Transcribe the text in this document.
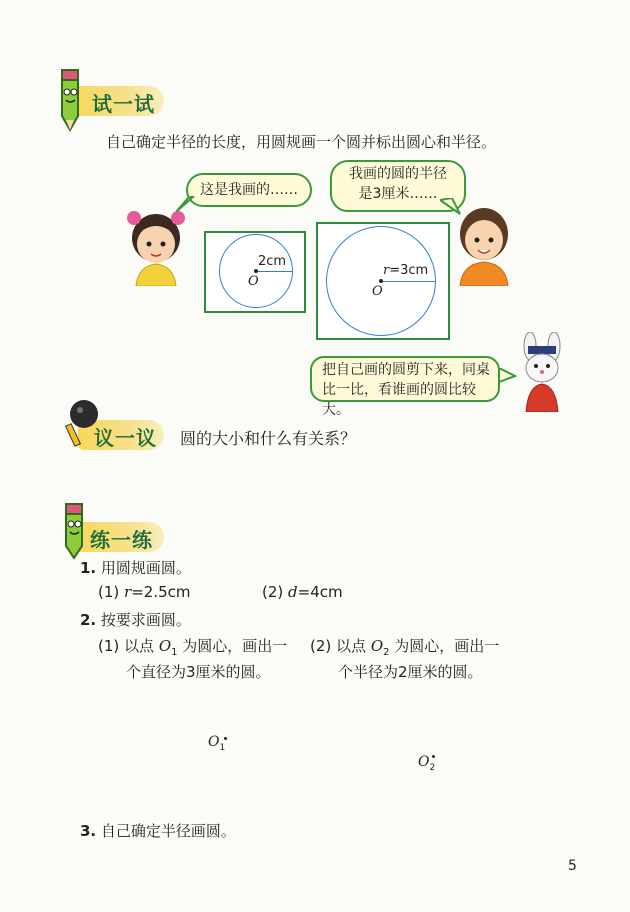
试一试
自己确定半径的长度，用圆规画一个圆并标出圆心和半径。
这是我画的……
我画的圆的半径
是3厘米……
2cm
O
r=3cm
O
把自己画的圆剪下来，同桌
比一比，看谁画的圆比较大。
议一议 圆的大小和什么有关系？
练一练
1. 用圆规画圆。
(1) r=2.5cm	(2) d=4cm
2. 按要求画圆。
(1) 以点 $O_1$ 为圆心，画出一
个直径为3厘米的圆。
(2) 以点 $O_2$ 为圆心，画出一
个半径为2厘米的圆。
$O_1$
$O_2$
3. 自己确定半径画圆。
5
